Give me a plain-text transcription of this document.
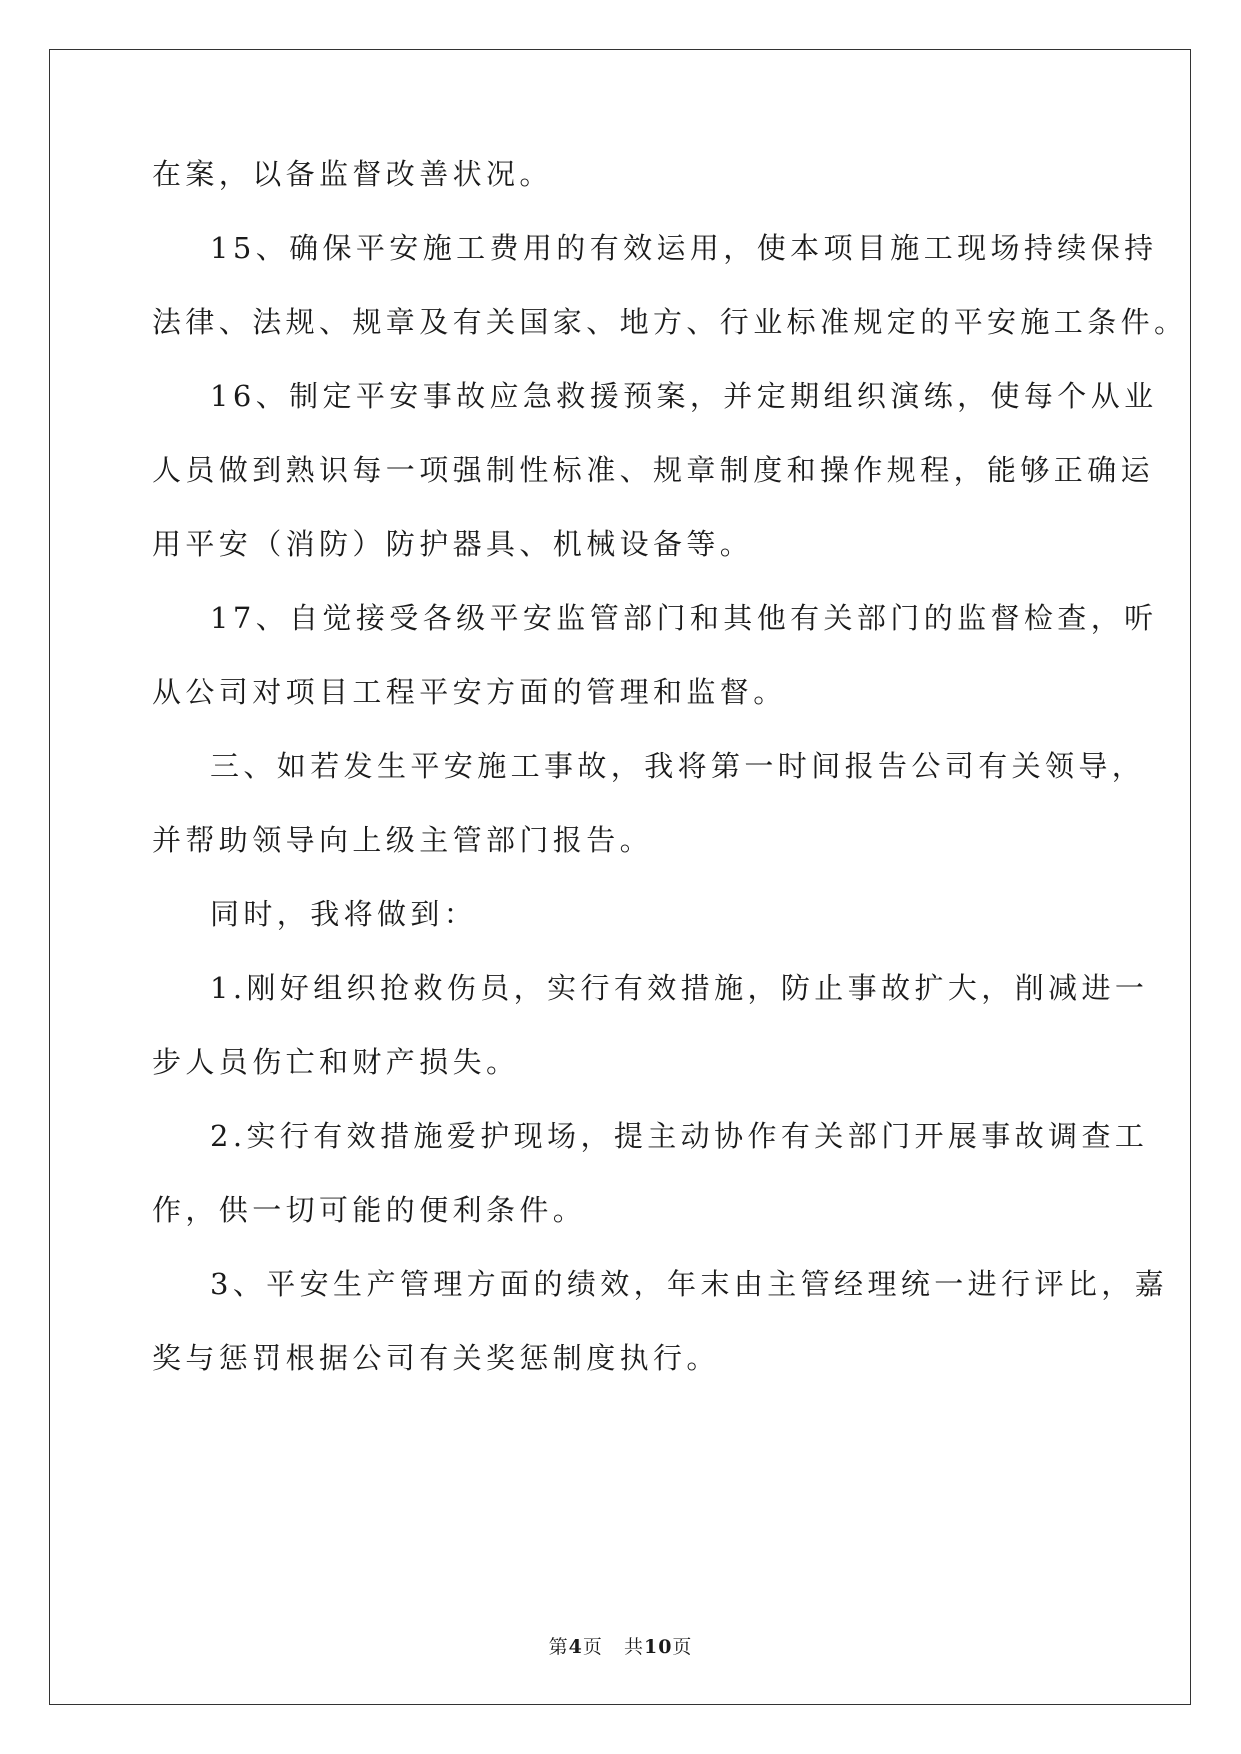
在案，以备监督改善状况。
15、确保平安施工费用的有效运用，使本项目施工现场持续保持
法律、法规、规章及有关国家、地方、行业标准规定的平安施工条件。
16、制定平安事故应急救援预案，并定期组织演练，使每个从业
人员做到熟识每一项强制性标准、规章制度和操作规程，能够正确运
用平安（消防）防护器具、机械设备等。
17、自觉接受各级平安监管部门和其他有关部门的监督检查，听
从公司对项目工程平安方面的管理和监督。
三、如若发生平安施工事故，我将第一时间报告公司有关领导，
并帮助领导向上级主管部门报告。
同时，我将做到：
1.刚好组织抢救伤员，实行有效措施，防止事故扩大，削减进一
步人员伤亡和财产损失。
2.实行有效措施爱护现场，提主动协作有关部门开展事故调查工
作，供一切可能的便利条件。
3、平安生产管理方面的绩效，年末由主管经理统一进行评比，嘉
奖与惩罚根据公司有关奖惩制度执行。
第4页 共10页
